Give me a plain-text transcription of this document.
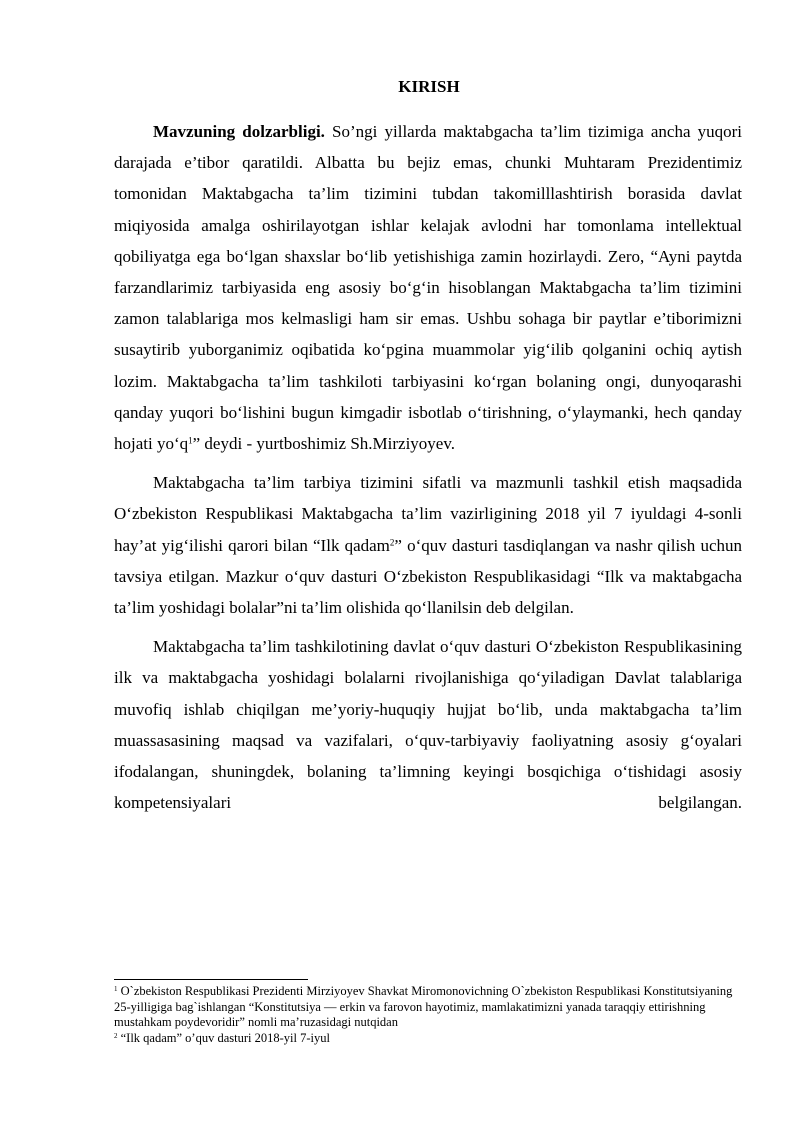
KIRISH

Mavzuning dolzarbligi. So’ngi yillarda maktabgacha ta’lim tizimiga ancha yuqori darajada e’tibor qaratildi. Albatta bu bejiz emas, chunki Muhtaram Prezidentimiz tomonidan Maktabgacha ta’lim tizimini tubdan takomilllashtirish borasida davlat miqiyosida amalga oshirilayotgan ishlar kelajak avlodni har tomonlama intellektual qobiliyatga ega bo‘lgan shaxslar bo‘lib yetishishiga zamin hozirlaydi. Zero, “Ayni paytda farzandlarimiz tarbiyasida eng asosiy bo‘g‘in hisoblangan Maktabgacha ta’lim tizimini zamon talablariga mos kelmasligi ham sir emas. Ushbu sohaga bir paytlar e’tiborimizni susaytirib yuborganimiz oqibatida ko‘pgina muammolar yig‘ilib qolganini ochiq aytish lozim. Maktabgacha ta’lim tashkiloti tarbiyasini ko‘rgan bolaning ongi, dunyoqarashi qanday yuqori bo‘lishini bugun kimgadir isbotlab o‘tirishning, o‘ylaymanki, hech qanday hojati $yo‘q^1$” deydi - yurtboshimiz Sh.Mirziyoyev.

Maktabgacha ta’lim tarbiya tizimini sifatli va mazmunli tashkil etish maqsadida O‘zbekiston Respublikasi Maktabgacha ta’lim vazirligining 2018 yil 7 iyuldagi 4-sonli hay’at yig‘ilishi qarori bilan “Ilk qadam$^2$” o‘quv dasturi tasdiqlangan va nashr qilish uchun tavsiya etilgan. Mazkur o‘quv dasturi O‘zbekiston Respublikasidagi “Ilk va maktabgacha ta’lim yoshidagi bolalar”ni ta’lim olishida qo‘llanilsin deb delgilan.

Maktabgacha ta’lim tashkilotining davlat o‘quv dasturi O‘zbekiston Respublikasining ilk va maktabgacha yoshidagi bolalarni rivojlanishiga qo‘yiladigan Davlat talablariga muvofiq ishlab chiqilgan me’yoriy-huquqiy hujjat bo‘lib, unda maktabgacha ta’lim muassasasining maqsad va vazifalari, o‘quv-tarbiyaviy faoliyatning asosiy g‘oyalari ifodalangan, shuningdek, bolaning ta’limning keyingi bosqichiga o‘tishidagi asosiy kompetensiyalari belgilangan.

$^1$ O`zbekiston Respublikasi Prezidenti Mirziyoyev Shavkat Miromonovichning O`zbekiston Respublikasi Konstitutsiyaning 25-yilligiga bag`ishlangan “Konstitutsiya — erkin va farovon hayotimiz, mamlakatimizni yanada taraqqiy ettirishning mustahkam poydevoridir” nomli ma’ruzasidagi nutqidan

$^2$ “Ilk qadam” o’quv dasturi 2018-yil 7-iyul
